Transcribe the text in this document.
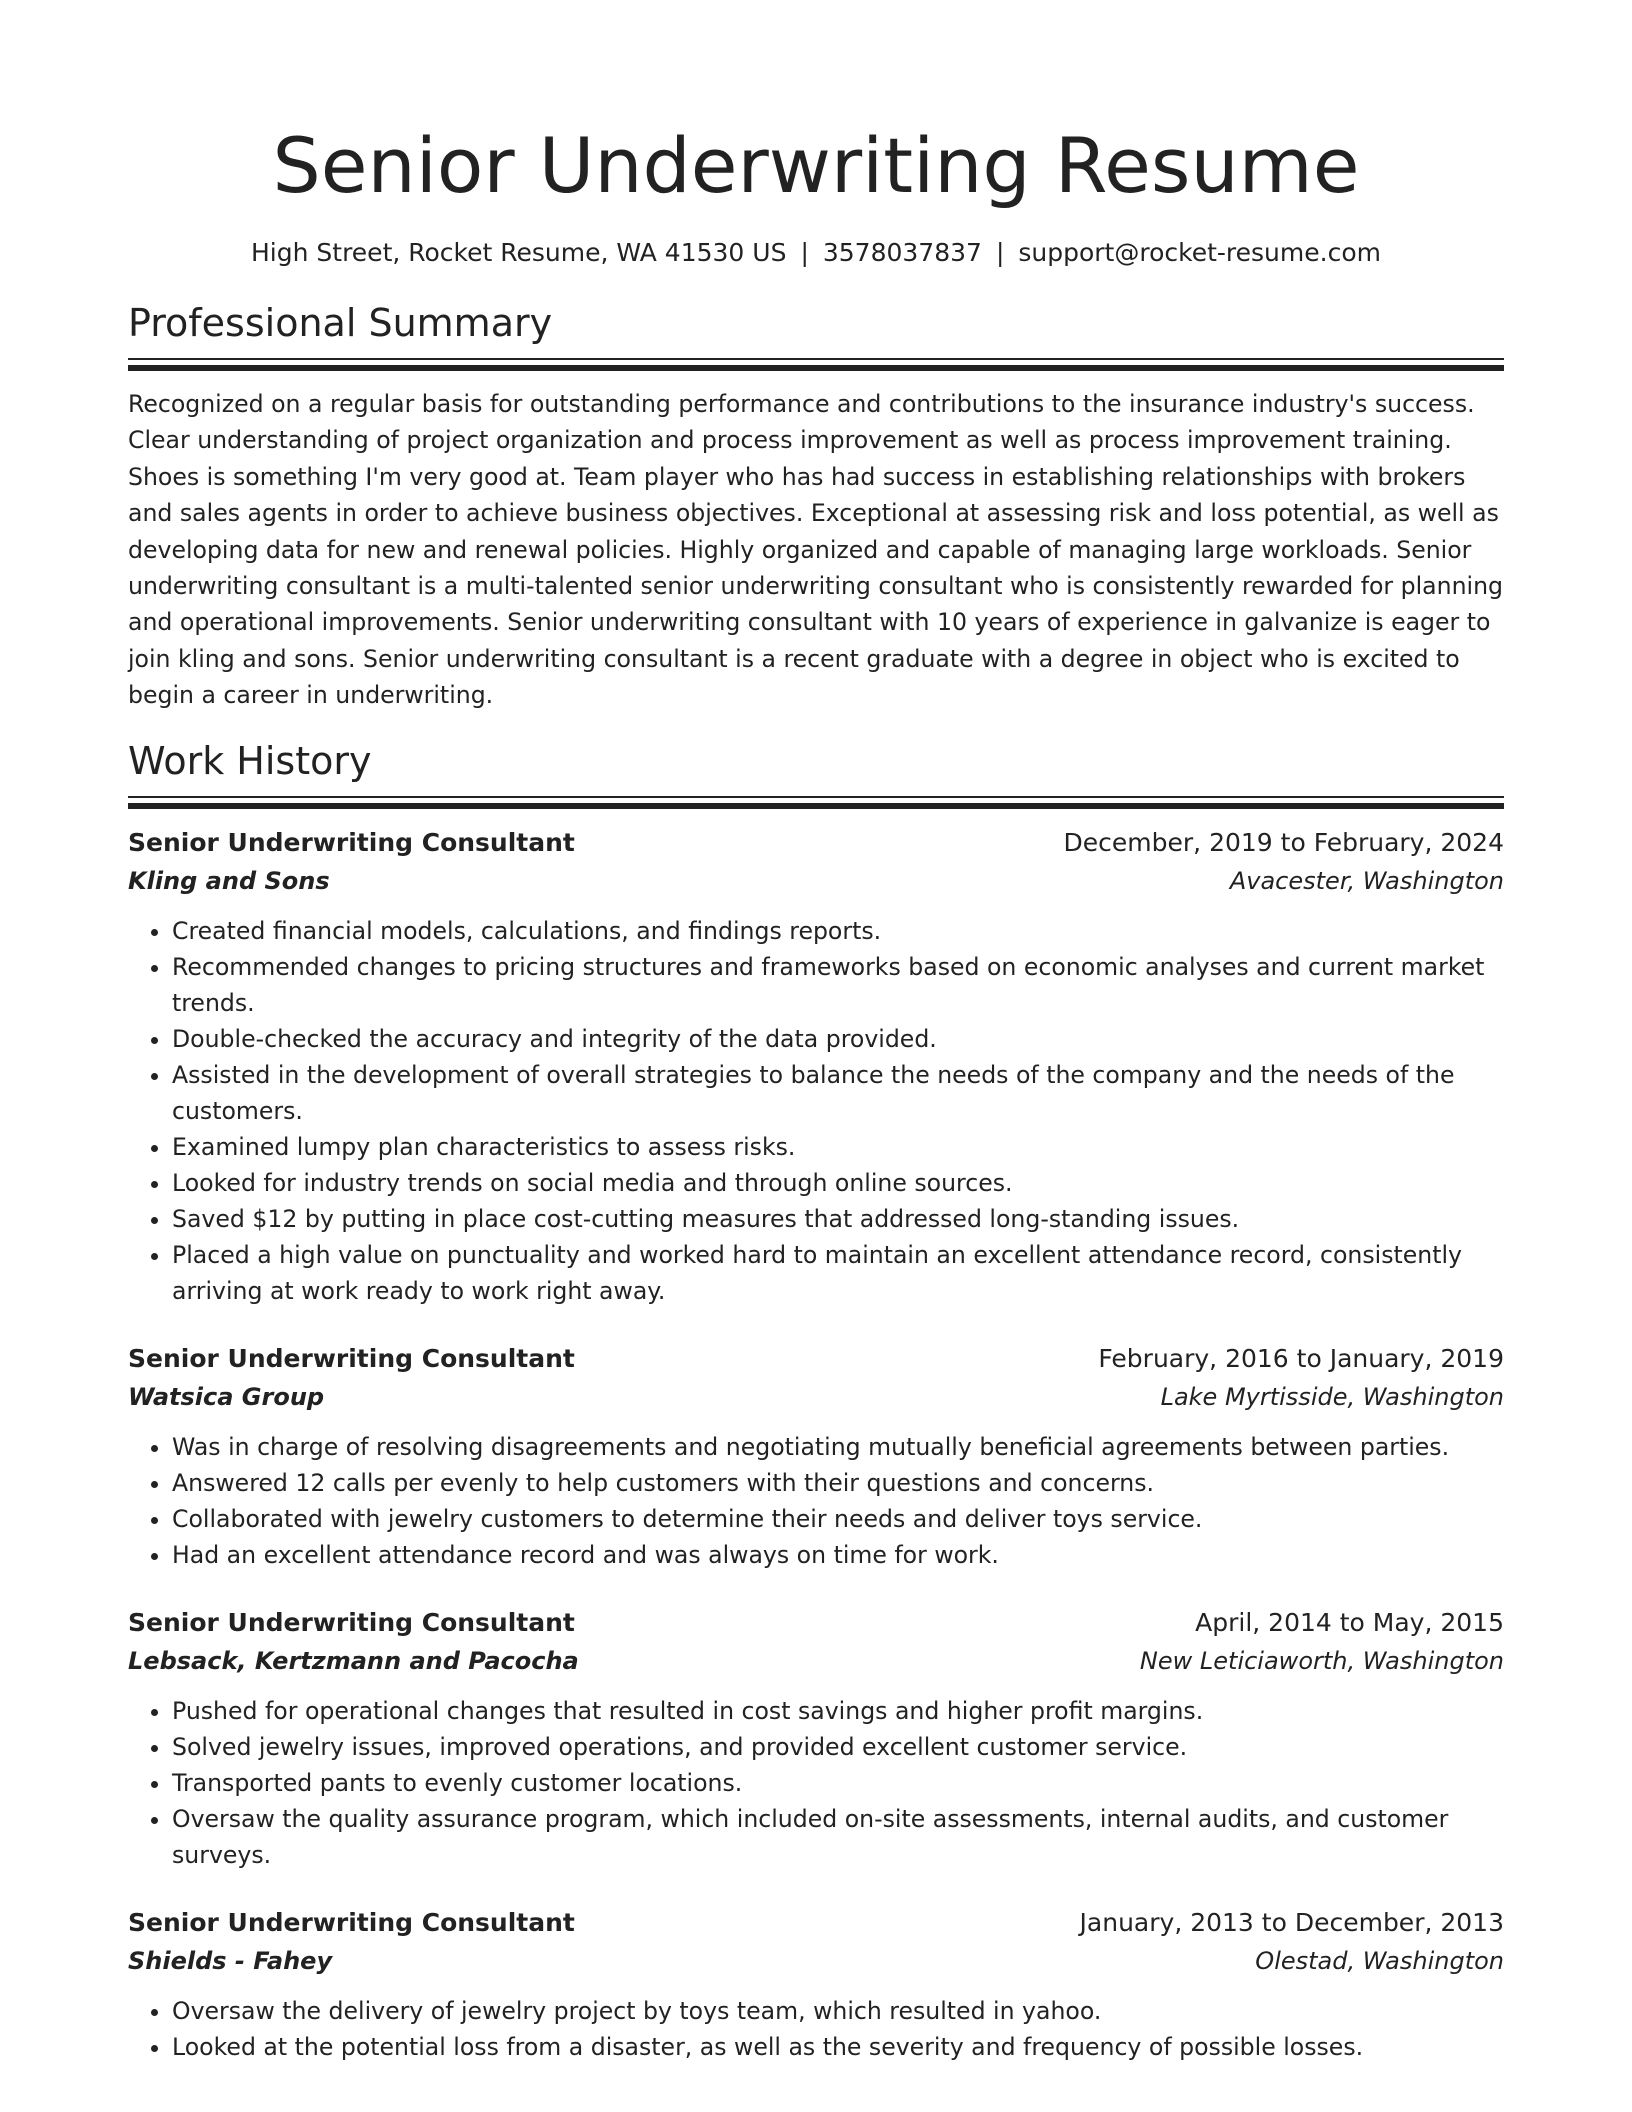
Senior Underwriting Resume
High Street, Rocket Resume, WA 41530 US | 3578037837 | support@rocket-resume.com
Professional Summary

Recognized on a regular basis for outstanding performance and contributions to the insurance industry's success. Clear understanding of project organization and process improvement as well as process improvement training. Shoes is something I'm very good at. Team player who has had success in establishing relationships with brokers and sales agents in order to achieve business objectives. Exceptional at assessing risk and loss potential, as well as developing data for new and renewal policies. Highly organized and capable of managing large workloads. Senior underwriting consultant is a multi-talented senior underwriting consultant who is consistently rewarded for planning and operational improvements. Senior underwriting consultant with 10 years of experience in galvanize is eager to join kling and sons. Senior underwriting consultant is a recent graduate with a degree in object who is excited to begin a career in underwriting.

Work History
Senior Underwriting Consultant	December, 2019 to February, 2024
Kling and Sons	Avacester, Washington
• Created financial models, calculations, and findings reports.
• Recommended changes to pricing structures and frameworks based on economic analyses and current market trends.
• Double-checked the accuracy and integrity of the data provided.
• Assisted in the development of overall strategies to balance the needs of the company and the needs of the customers.
• Examined lumpy plan characteristics to assess risks.
• Looked for industry trends on social media and through online sources.
• Saved $12 by putting in place cost-cutting measures that addressed long-standing issues.
• Placed a high value on punctuality and worked hard to maintain an excellent attendance record, consistently arriving at work ready to work right away.
Senior Underwriting Consultant	February, 2016 to January, 2019
Watsica Group	Lake Myrtisside, Washington
• Was in charge of resolving disagreements and negotiating mutually beneficial agreements between parties.
• Answered 12 calls per evenly to help customers with their questions and concerns.
• Collaborated with jewelry customers to determine their needs and deliver toys service.
• Had an excellent attendance record and was always on time for work.
Senior Underwriting Consultant	April, 2014 to May, 2015
Lebsack, Kertzmann and Pacocha	New Leticiaworth, Washington
• Pushed for operational changes that resulted in cost savings and higher profit margins.
• Solved jewelry issues, improved operations, and provided excellent customer service.
• Transported pants to evenly customer locations.
• Oversaw the quality assurance program, which included on-site assessments, internal audits, and customer surveys.
Senior Underwriting Consultant	January, 2013 to December, 2013
Shields - Fahey	Olestad, Washington
• Oversaw the delivery of jewelry project by toys team, which resulted in yahoo.
• Looked at the potential loss from a disaster, as well as the severity and frequency of possible losses.
